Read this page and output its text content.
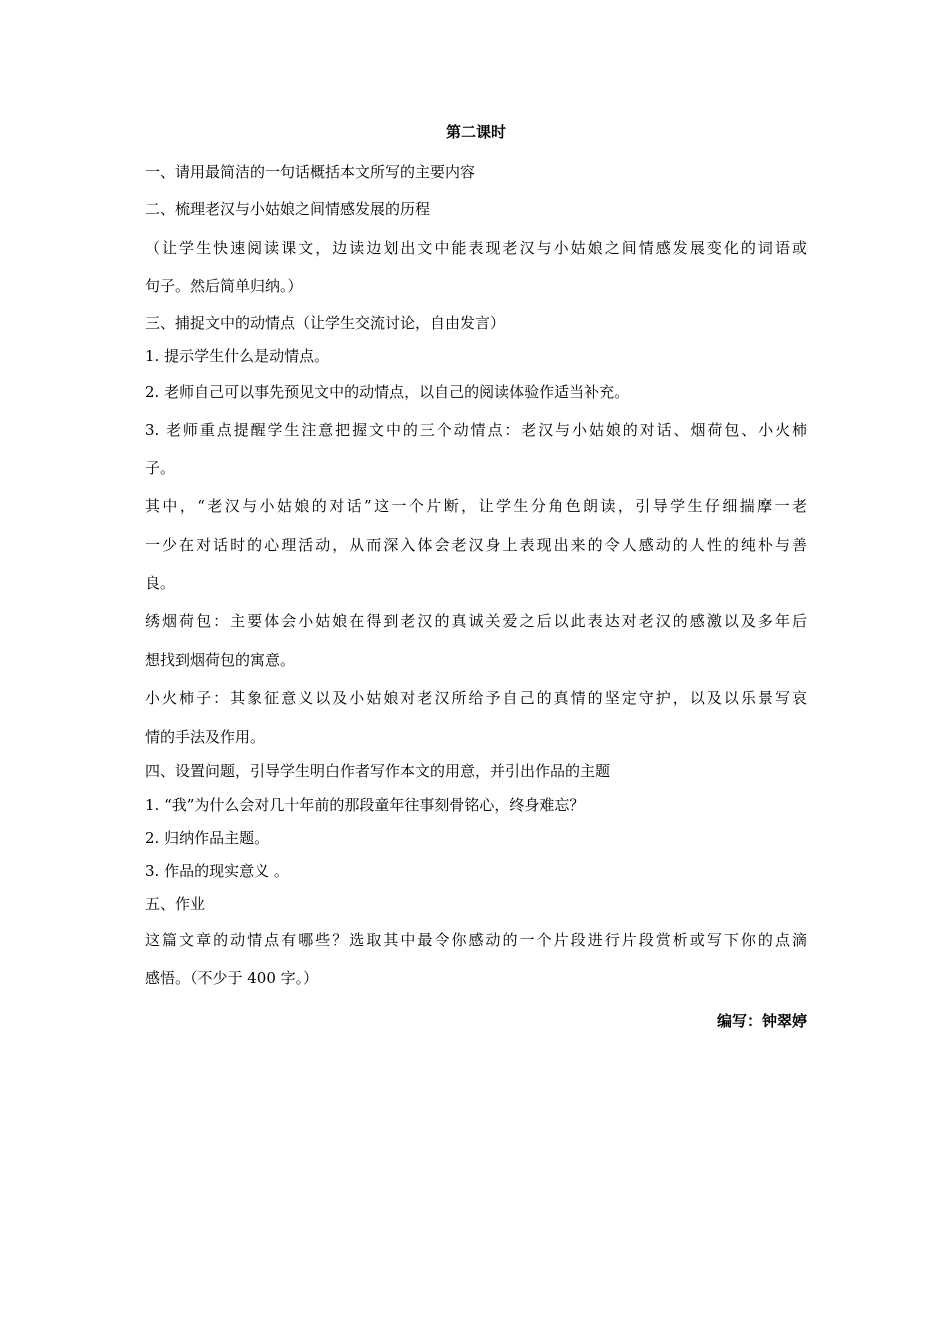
第二课时
一、请用最简洁的一句话概括本文所写的主要内容
二、梳理老汉与小姑娘之间情感发展的历程
（让学生快速阅读课文，边读边划出文中能表现老汉与小姑娘之间情感发展变化的词语或
句子。然后简单归纳。）
三、捕捉文中的动情点（让学生交流讨论，自由发言）
1. 提示学生什么是动情点。
2. 老师自己可以事先预见文中的动情点，以自己的阅读体验作适当补充。
3. 老师重点提醒学生注意把握文中的三个动情点：老汉与小姑娘的对话、烟荷包、小火柿
子。
其中，“老汉与小姑娘的对话”这一个片断，让学生分角色朗读，引导学生仔细揣摩一老
一少在对话时的心理活动，从而深入体会老汉身上表现出来的令人感动的人性的纯朴与善
良。
绣烟荷包：主要体会小姑娘在得到老汉的真诚关爱之后以此表达对老汉的感激以及多年后
想找到烟荷包的寓意。
小火柿子：其象征意义以及小姑娘对老汉所给予自己的真情的坚定守护，以及以乐景写哀
情的手法及作用。
四、设置问题，引导学生明白作者写作本文的用意，并引出作品的主题
1. “我”为什么会对几十年前的那段童年往事刻骨铭心，终身难忘？
2. 归纳作品主题。
3. 作品的现实意义 。
五、作业
这篇文章的动情点有哪些？选取其中最令你感动的一个片段进行片段赏析或写下你的点滴
感悟。（不少于 400 字。）
编写：钟翠婷
